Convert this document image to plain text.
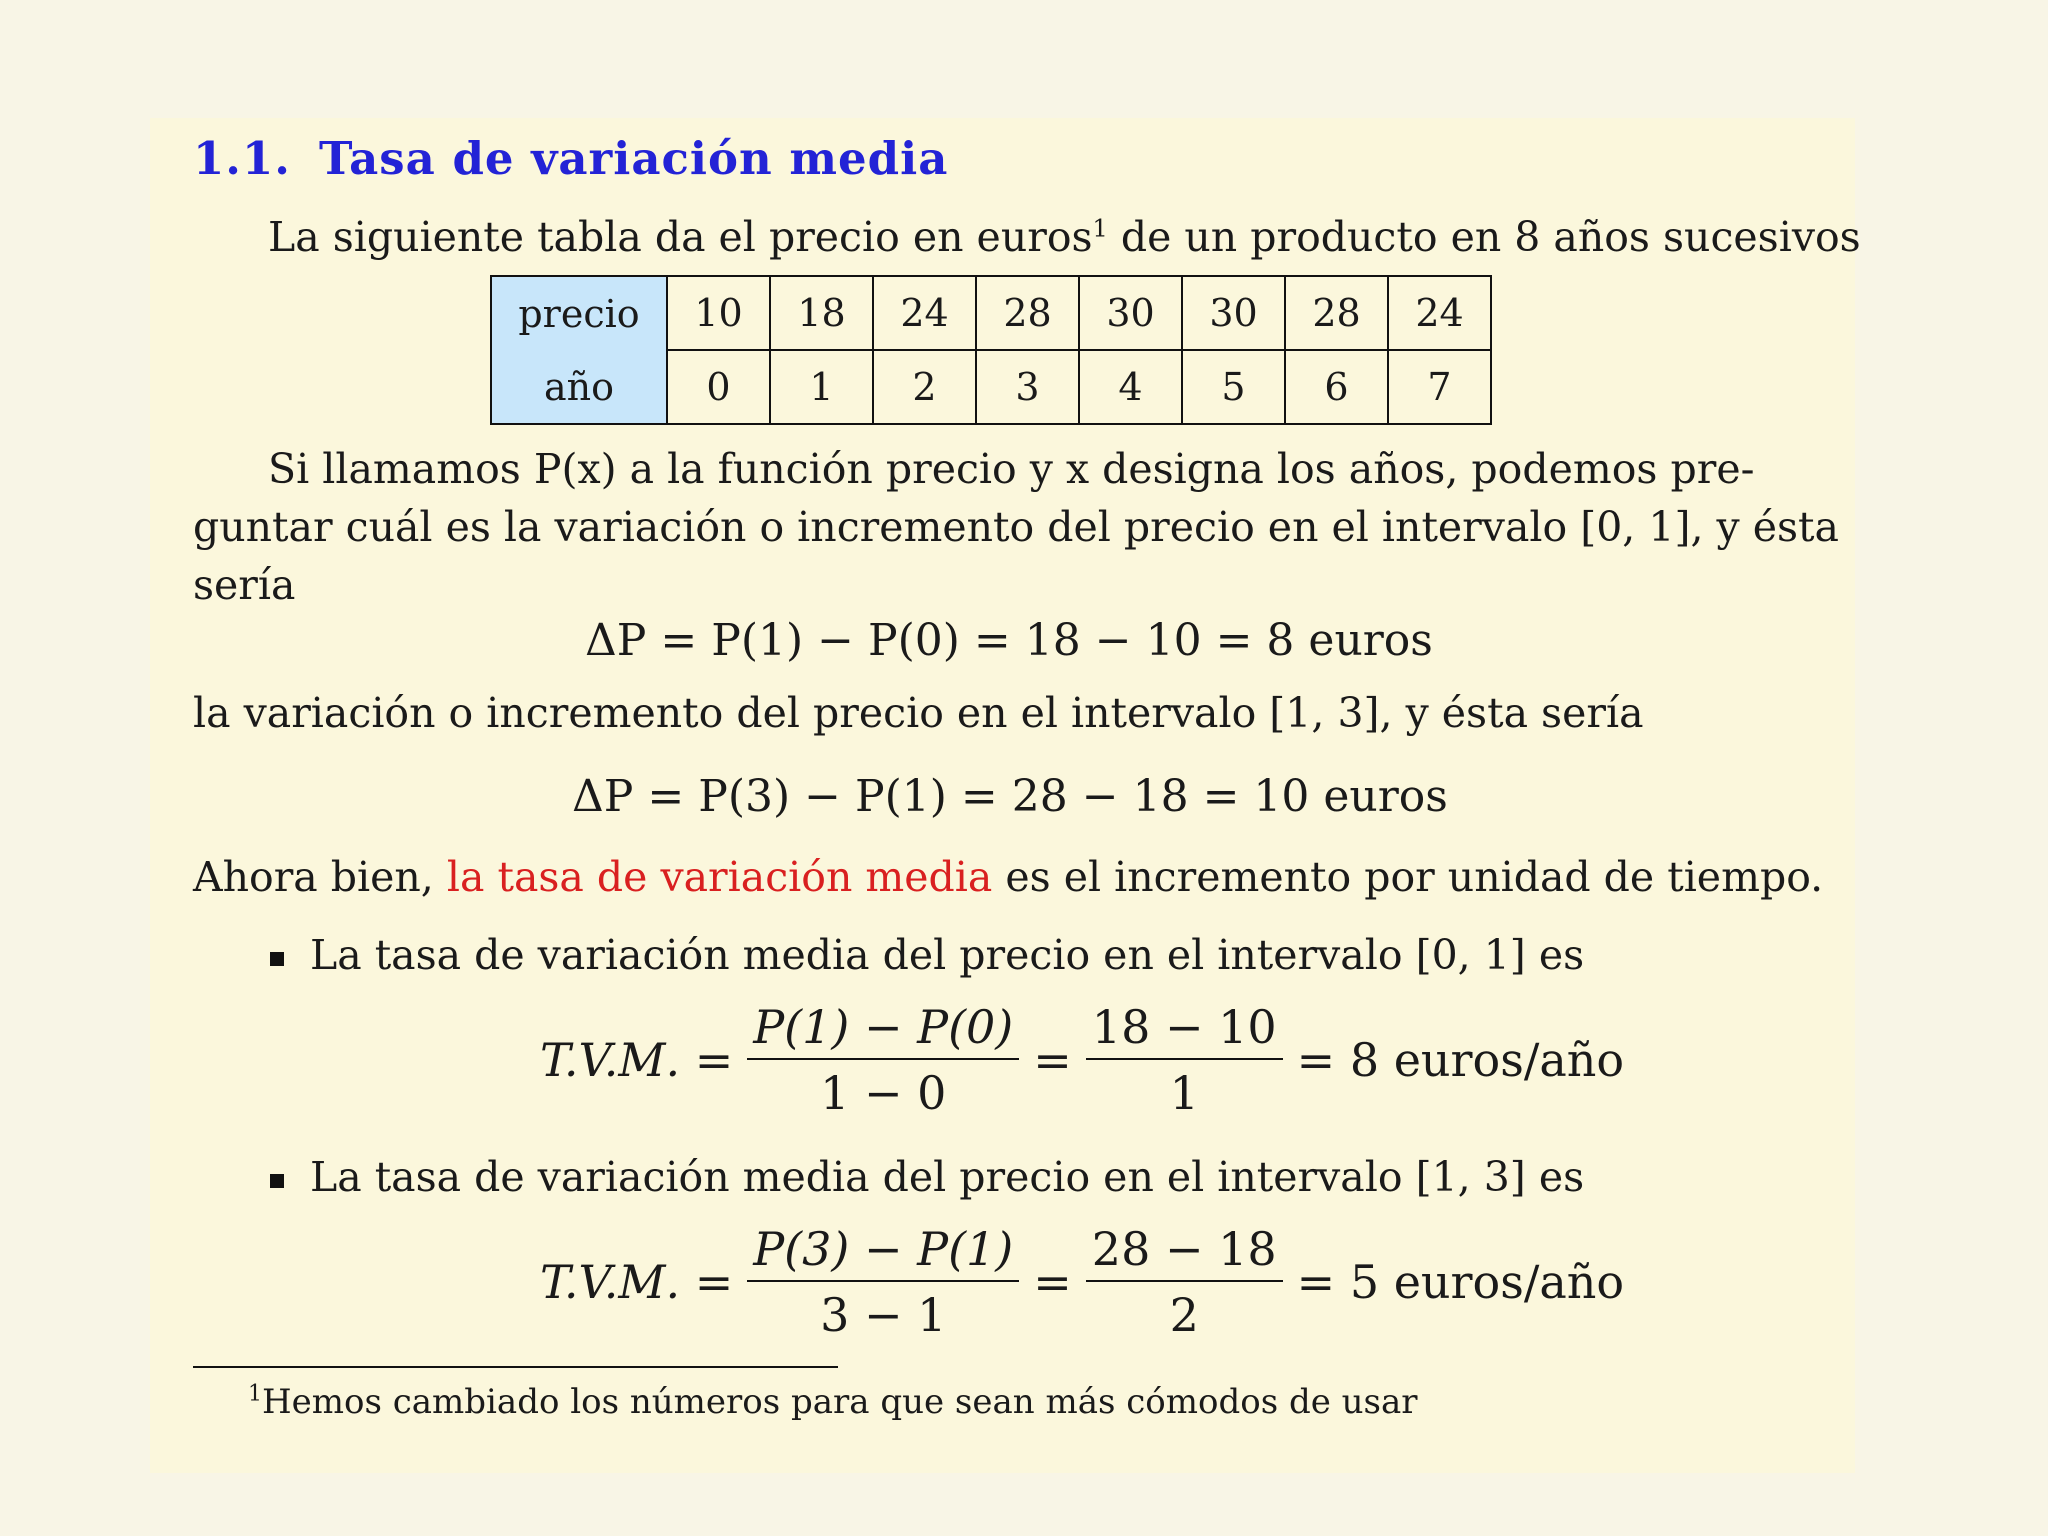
1.1. Tasa de variación media
La siguiente tabla da el precio en euros$^1$ de un producto en 8 años sucesivos
precio	10	18	24	28	30	30	28	24
año	0	1	2	3	4	5	6	7
Si llamamos P(x) a la función precio y x designa los años, podemos pre-
guntar cuál es la variación o incremento del precio en el intervalo [0, 1], y ésta
sería
ΔP = P(1) − P(0) = 18 − 10 = 8 euros
la variación o incremento del precio en el intervalo [1, 3], y ésta sería
ΔP = P(3) − P(1) = 28 − 18 = 10 euros
Ahora bien, la tasa de variación media es el incremento por unidad de tiempo.
La tasa de variación media del precio en el intervalo [0, 1] es
T.V.M. = $\frac{P(1) - P(0)}{1 - 0} = \frac{18 - 10}{1} = 8$ euros/año
La tasa de variación media del precio en el intervalo [1, 3] es
T.V.M. = $\frac{P(3) - P(1)}{3 - 1} = \frac{28 - 18}{2} = 5$ euros/año
$^1$Hemos cambiado los números para que sean más cómodos de usar
